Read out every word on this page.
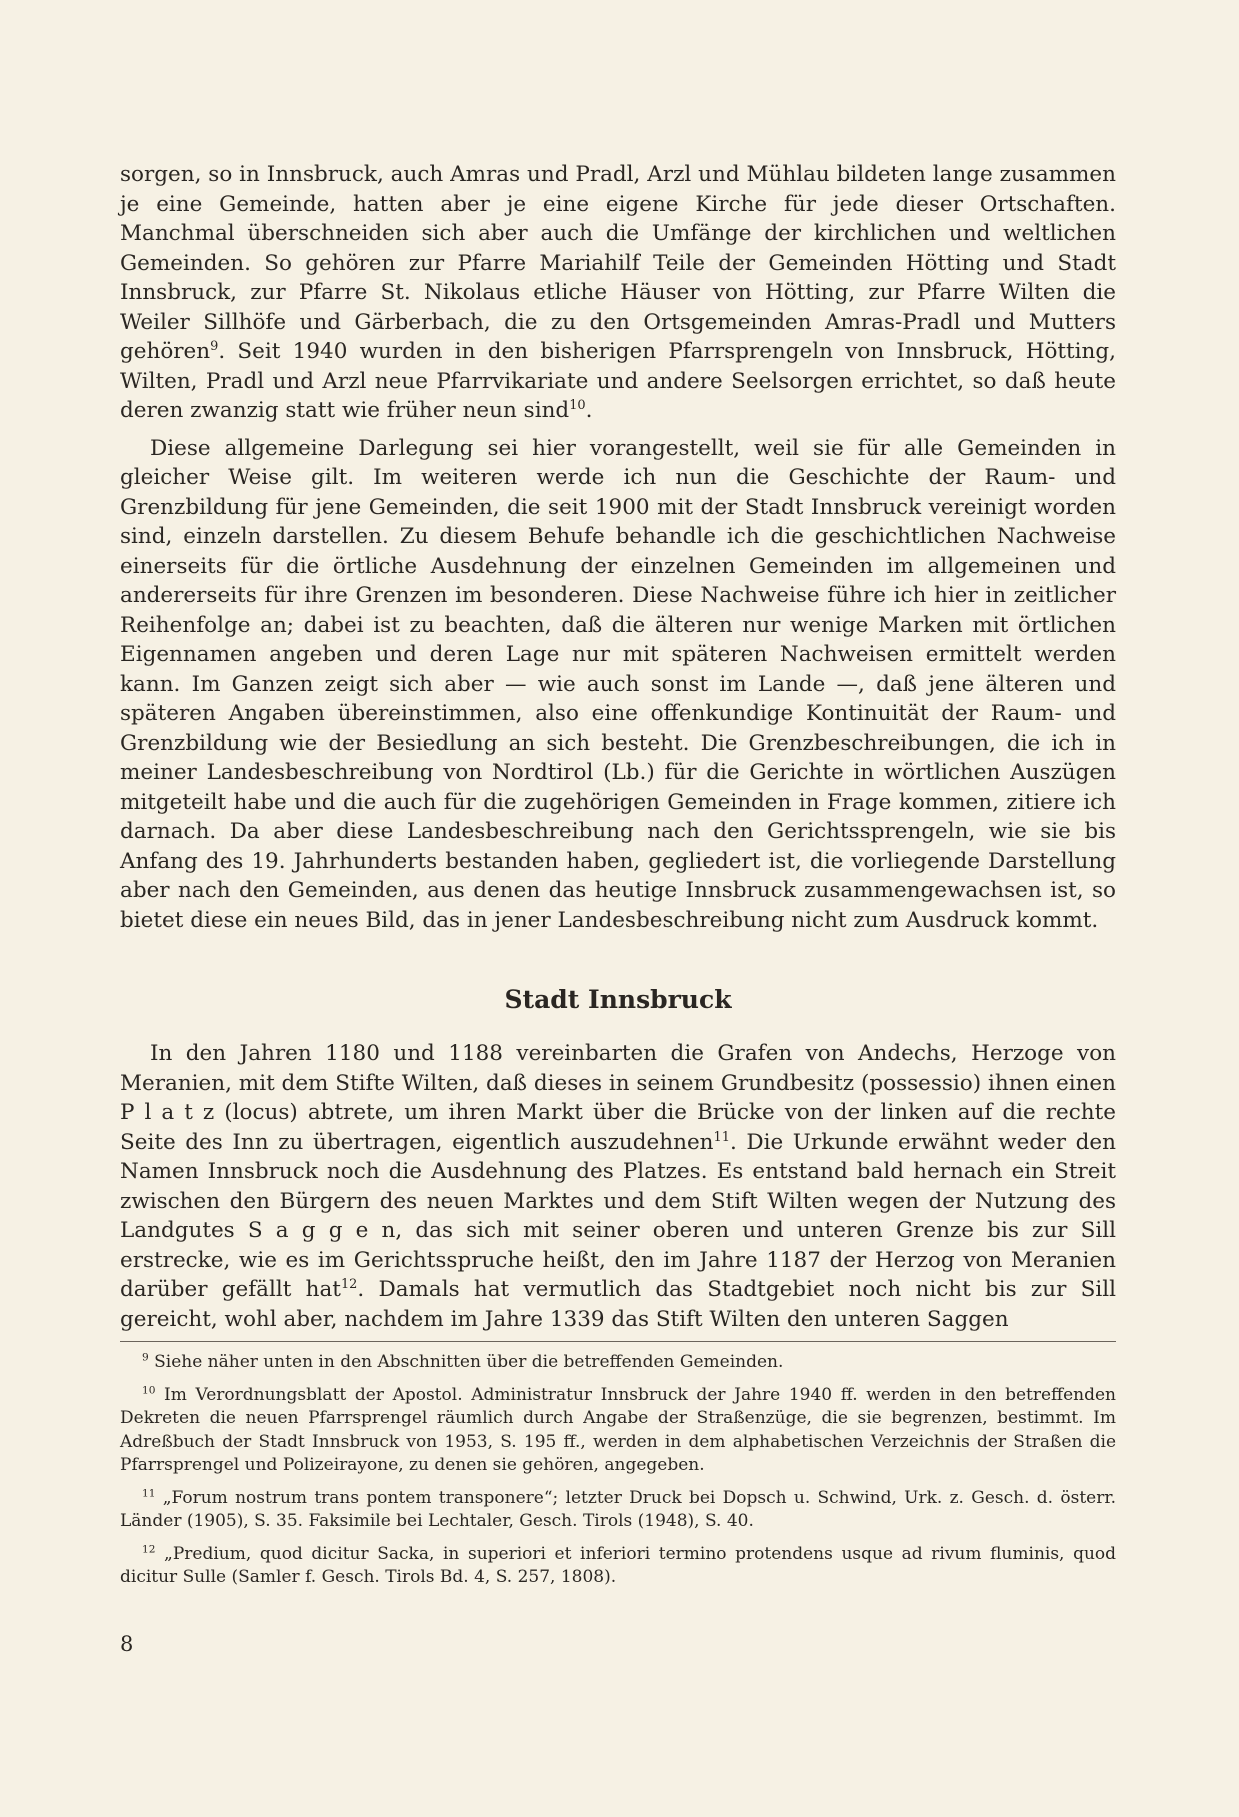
sorgen, so in Innsbruck, auch Amras und Pradl, Arzl und Mühlau bildeten lange zusammen je eine Gemeinde, hatten aber je eine eigene Kirche für jede dieser Ortschaften. Manchmal überschneiden sich aber auch die Umfänge der kirchlichen und weltlichen Gemeinden. So gehören zur Pfarre Mariahilf Teile der Gemeinden Hötting und Stadt Innsbruck, zur Pfarre St. Nikolaus etliche Häuser von Hötting, zur Pfarre Wilten die Weiler Sillhöfe und Gärberbach, die zu den Ortsgemeinden Amras-Pradl und Mutters gehören$^9$. Seit 1940 wurden in den bisherigen Pfarrsprengeln von Innsbruck, Hötting, Wilten, Pradl und Arzl neue Pfarrvikariate und andere Seelsorgen errichtet, so daß heute deren zwanzig statt wie früher neun sind$^{10}$.

Diese allgemeine Darlegung sei hier vorangestellt, weil sie für alle Gemeinden in gleicher Weise gilt. Im weiteren werde ich nun die Geschichte der Raum- und Grenzbildung für jene Gemeinden, die seit 1900 mit der Stadt Innsbruck vereinigt worden sind, einzeln darstellen. Zu diesem Behufe behandle ich die geschichtlichen Nachweise einerseits für die örtliche Ausdehnung der einzelnen Gemeinden im allgemeinen und andererseits für ihre Grenzen im besonderen. Diese Nachweise führe ich hier in zeitlicher Reihenfolge an; dabei ist zu beachten, daß die älteren nur wenige Marken mit örtlichen Eigennamen angeben und deren Lage nur mit späteren Nachweisen ermittelt werden kann. Im Ganzen zeigt sich aber — wie auch sonst im Lande —, daß jene älteren und späteren Angaben übereinstimmen, also eine offenkundige Kontinuität der Raum- und Grenzbildung wie der Besiedlung an sich besteht. Die Grenzbeschreibungen, die ich in meiner Landesbeschreibung von Nordtirol (Lb.) für die Gerichte in wörtlichen Auszügen mitgeteilt habe und die auch für die zugehörigen Gemeinden in Frage kommen, zitiere ich darnach. Da aber diese Landesbeschreibung nach den Gerichtssprengeln, wie sie bis Anfang des 19. Jahrhunderts bestanden haben, gegliedert ist, die vorliegende Darstellung aber nach den Gemeinden, aus denen das heutige Innsbruck zusammengewachsen ist, so bietet diese ein neues Bild, das in jener Landesbeschreibung nicht zum Ausdruck kommt.

Stadt Innsbruck

In den Jahren 1180 und 1188 vereinbarten die Grafen von Andechs, Herzoge von Meranien, mit dem Stifte Wilten, daß dieses in seinem Grundbesitz (possessio) ihnen einen P l a t z (locus) abtrete, um ihren Markt über die Brücke von der linken auf die rechte Seite des Inn zu übertragen, eigentlich auszudehnen$^{11}$. Die Urkunde erwähnt weder den Namen Innsbruck noch die Ausdehnung des Platzes. Es entstand bald hernach ein Streit zwischen den Bürgern des neuen Marktes und dem Stift Wilten wegen der Nutzung des Landgutes S a g g e n, das sich mit seiner oberen und unteren Grenze bis zur Sill erstrecke, wie es im Gerichtsspruche heißt, den im Jahre 1187 der Herzog von Meranien darüber gefällt hat$^{12}$. Damals hat vermutlich das Stadtgebiet noch nicht bis zur Sill gereicht, wohl aber, nachdem im Jahre 1339 das Stift Wilten den unteren Saggen

$^9$ Siehe näher unten in den Abschnitten über die betreffenden Gemeinden.

$^{10}$ Im Verordnungsblatt der Apostol. Administratur Innsbruck der Jahre 1940 ff. werden in den betreffenden Dekreten die neuen Pfarrsprengel räumlich durch Angabe der Straßenzüge, die sie begrenzen, bestimmt. Im Adreßbuch der Stadt Innsbruck von 1953, S. 195 ff., werden in dem alphabetischen Verzeichnis der Straßen die Pfarrsprengel und Polizeirayone, zu denen sie gehören, angegeben.

$^{11}$ „Forum nostrum trans pontem transponere“; letzter Druck bei Dopsch u. Schwind, Urk. z. Gesch. d. österr. Länder (1905), S. 35. Faksimile bei Lechtaler, Gesch. Tirols (1948), S. 40.

$^{12}$ „Predium, quod dicitur Sacka, in superiori et inferiori termino protendens usque ad rivum fluminis, quod dicitur Sulle (Samler f. Gesch. Tirols Bd. 4, S. 257, 1808).

8
